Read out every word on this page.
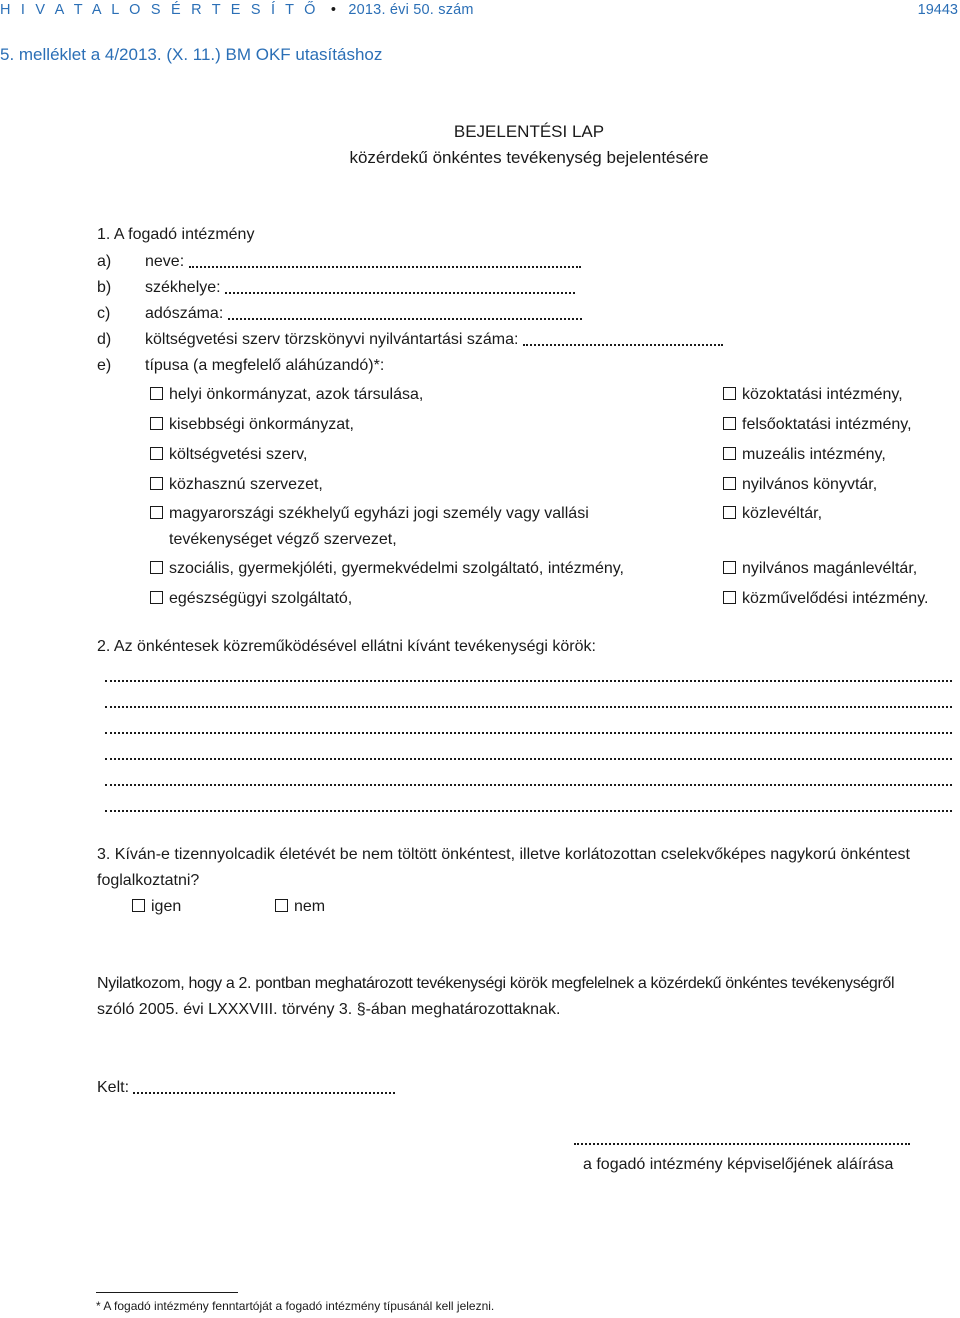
H I V A T A L O S É R T E S Í T Ő • 2013. évi 50. szám	19443
5. melléklet a 4/2013. (X. 11.) BM OKF utasításhoz
BEJELENTÉSI LAP
közérdekű önkéntes tevékenység bejelentésére
1. A fogadó intézmény
a) neve:
b) székhelye:
c) adószáma:
d) költségvetési szerv törzskönyvi nyilvántartási száma:
e) típusa (a megfelelő aláhúzandó)*:
helyi önkormányzat, azok társulása,
kisebbségi önkormányzat,
költségvetési szerv,
közhasznú szervezet,
magyarországi székhelyű egyházi jogi személy vagy vallási
tevékenységet végző szervezet,
szociális, gyermekjóléti, gyermekvédelmi szolgáltató, intézmény,
egészségügyi szolgáltató,
közoktatási intézmény,
felsőoktatási intézmény,
muzeális intézmény,
nyilvános könyvtár,
közlevéltár,
nyilvános magánlevéltár,
közművelődési intézmény.
2. Az önkéntesek közreműködésével ellátni kívánt tevékenységi körök:
3. Kíván-e tizennyolcadik életévét be nem töltött önkéntest, illetve korlátozottan cselekvőképes nagykorú önkéntest
foglalkoztatni?
igen	nem
Nyilatkozom, hogy a 2. pontban meghatározott tevékenységi körök megfelelnek a közérdekű önkéntes tevékenységről
szóló 2005. évi LXXXVIII. törvény 3. §-ában meghatározottaknak.
Kelt:
a fogadó intézmény képviselőjének aláírása
* A fogadó intézmény fenntartóját a fogadó intézmény típusánál kell jelezni.
